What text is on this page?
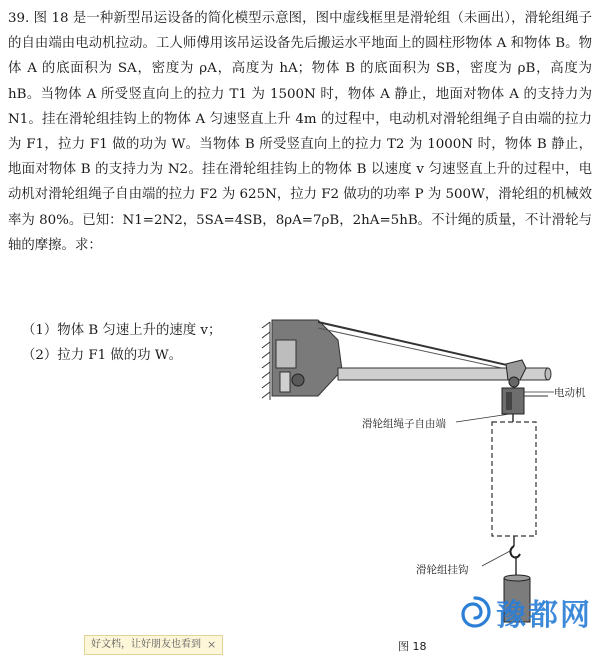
39. 图 18 是一种新型吊运设备的简化模型示意图，图中虚线框里是滑轮组（未画出），滑轮组绳子的自由端由电动机拉动。工人师傅用该吊运设备先后搬运水平地面上的圆柱形物体 A 和物体 B。物体 A 的底面积为 SA，密度为 ρA，高度为 hA；物体 B 的底面积为 SB，密度为 ρB，高度为 hB。当物体 A 所受竖直向上的拉力 T1 为 1500N 时，物体 A 静止，地面对物体 A 的支持力为 N1。挂在滑轮组挂钩上的物体 A 匀速竖直上升 4m 的过程中，电动机对滑轮组绳子自由端的拉力为 F1，拉力 F1 做的功为 W。当物体 B 所受竖直向上的拉力 T2 为 1000N 时，物体 B 静止，地面对物体 B 的支持力为 N2。挂在滑轮组挂钩上的物体 B 以速度 v 匀速竖直上升的过程中，电动机对滑轮组绳子自由端的拉力 F2 为 625N，拉力 F2 做功的功率 P 为 500W，滑轮组的机械效率为 80%。已知：N1=2N2，5SA=4SB，8ρA=7ρB，2hA=5hB。不计绳的质量，不计滑轮与轴的摩擦。求：

（1）物体 B 匀速上升的速度 v；
（2）拉力 F1 做的功 W。
电动机
滑轮组绳子自由端
滑轮组挂钩
图 18
好文档，让好朋友也看到 ×
豫都网
